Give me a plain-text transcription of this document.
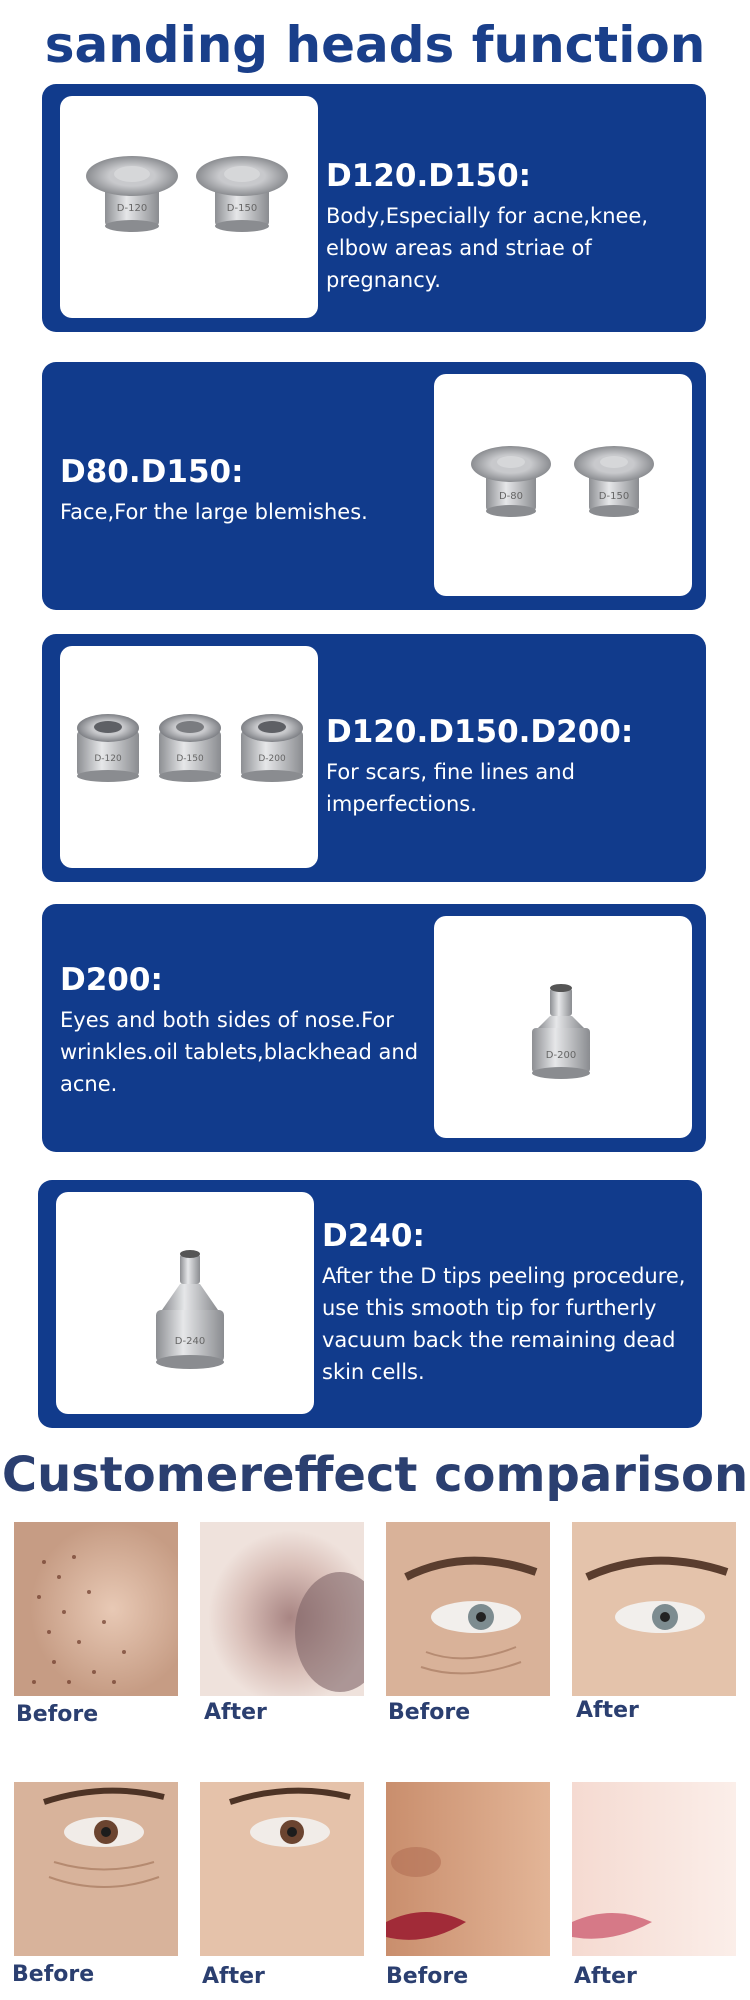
sanding heads function
D-120	D-150
D120.D150:
Body,Especially for acne,knee, elbow areas and striae of pregnancy.
D80.D150:
Face,For the large blemishes.
D-80	D-150
D-120	D-150	D-200
D120.D150.D200:
For scars, fine lines and imperfections.
D200:
Eyes and both sides of nose.For wrinkles.oil tablets,blackhead and acne.
D-200
D-240
D240:
After the D tips peeling procedure, use this smooth tip for furtherly vacuum back the remaining dead skin cells.
Customereffect comparison
Before	After	Before	After
Before	After	Before	After
